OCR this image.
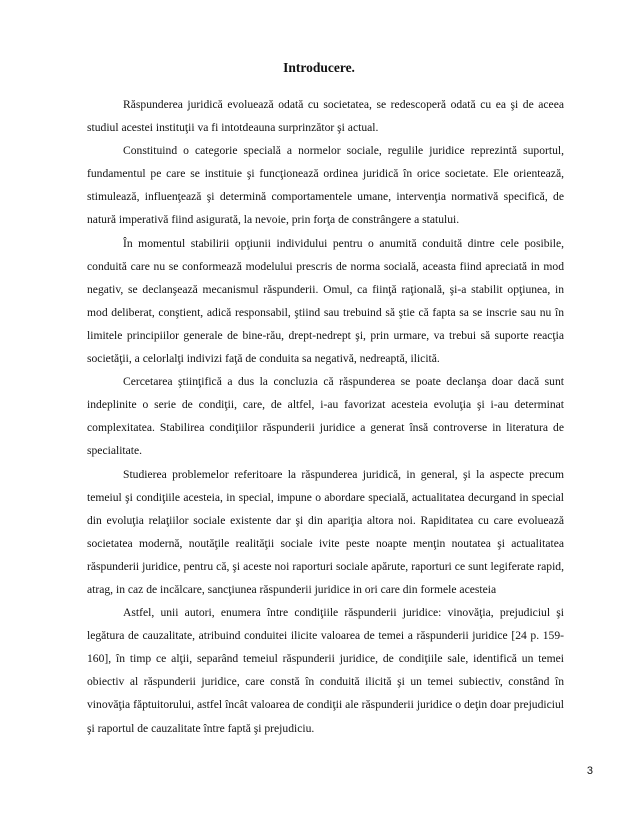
Introducere.

Răspunderea juridică evoluează odată cu societatea, se redescoperă odată cu ea şi de aceea studiul acestei instituţii va fi intotdeauna surprinzător şi actual.

Constituind o categorie specială a normelor sociale, regulile juridice reprezintă suportul, fundamentul pe care se instituie şi funcţionează ordinea juridică în orice societate. Ele orientează, stimulează, influenţează şi determină comportamentele umane, intervenţia normativă specifică, de natură imperativă fiind asigurată, la nevoie, prin forţa de constrângere a statului.

În momentul stabilirii opţiunii individului pentru o anumită conduită dintre cele posibile, conduită care nu se conformează modelului prescris de norma socială, aceasta fiind apreciată in mod negativ, se declanşează mecanismul răspunderii. Omul, ca fiinţă raţională, şi-a stabilit opţiunea, in mod deliberat, conştient, adică responsabil, ştiind sau trebuind să ştie că fapta sa se inscrie sau nu în limitele principiilor generale de bine-rău, drept-nedrept şi, prin urmare, va trebui să suporte reacţia societăţii, a celorlalţi indivizi faţă de conduita sa negativă, nedreaptă, ilicită.

Cercetarea ştiinţifică a dus la concluzia că răspunderea se poate declanşa doar dacă sunt indeplinite o serie de condiţii, care, de altfel, i-au favorizat acesteia evoluţia şi i-au determinat complexitatea. Stabilirea condiţiilor răspunderii juridice a generat însă controverse in literatura de specialitate.

Studierea problemelor referitoare la răspunderea juridică, in general, şi la aspecte precum temeiul şi condiţiile acesteia, in special, impune o abordare specială, actualitatea decurgand in special din evoluţia relaţiilor sociale existente dar şi din apariţia altora noi. Rapiditatea cu care evoluează societatea modernă, noutăţile realităţii sociale ivite peste noapte menţin noutatea şi actualitatea răspunderii juridice, pentru că, şi aceste noi raporturi sociale apărute, raporturi ce sunt legiferate rapid, atrag, in caz de incălcare, sancţiunea răspunderii juridice in ori care din formele acesteia

Astfel, unii autori, enumera între condiţiile răspunderii juridice: vinovăţia, prejudiciul şi legătura de cauzalitate, atribuind conduitei ilicite valoarea de temei a răspunderii juridice [24 p. 159-160], în timp ce alţii, separând temeiul răspunderii juridice, de condiţiile sale, identifică un temei obiectiv al răspunderii juridice, care constă în conduită ilicită şi un temei subiectiv, constând în vinovăţia făptuitorului, astfel încât valoarea de condiţii ale răspunderii juridice o deţin doar prejudiciul şi raportul de cauzalitate între faptă şi prejudiciu.

3
